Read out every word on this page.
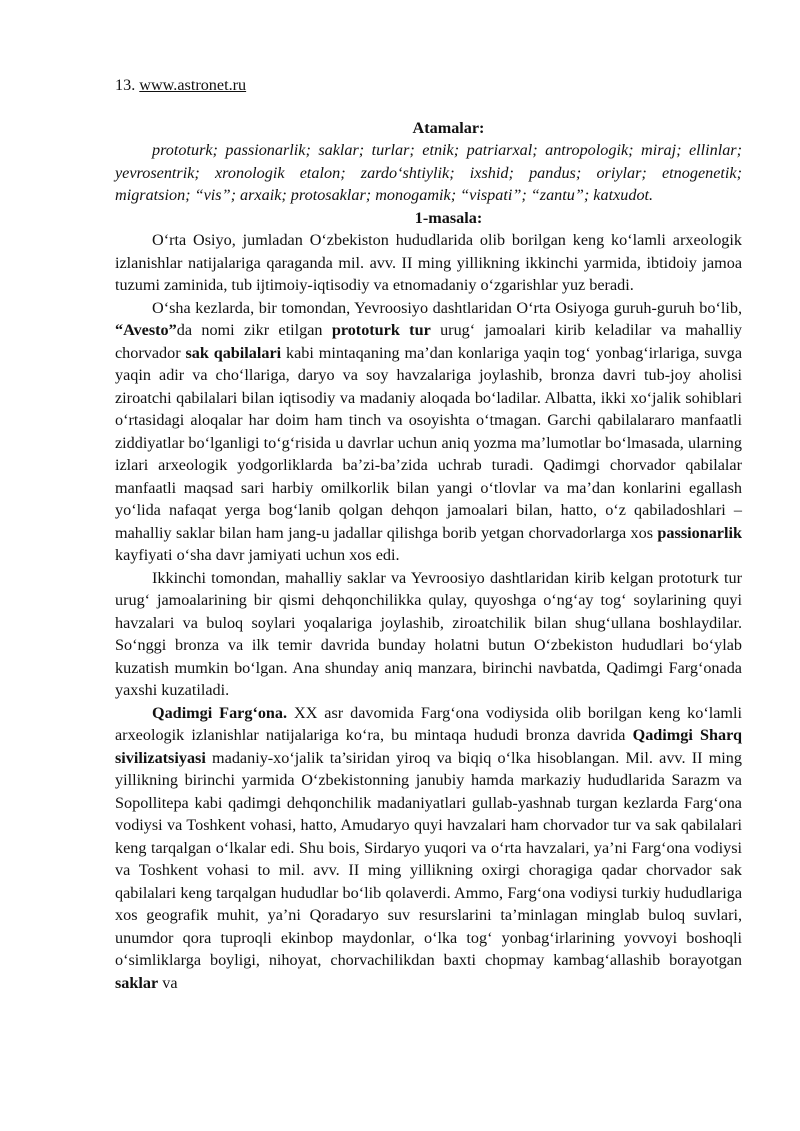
13. www.astronet.ru
Atamalar:
prototurk; passionarlik; saklar; turlar; etnik; patriarxal; antropologik; miraj; ellinlar; yevrosentrik; xronologik etalon; zardo‘shtiylik; ixshid; pandus; oriylar; etnogenetik; migratsion; “vis”; arxaik; protosaklar; monogamik; “vispati”; “zantu”; katxudot.
1-masala:

O‘rta Osiyo, jumladan O‘zbekiston hududlarida olib borilgan keng ko‘lamli arxeologik izlanishlar natijalariga qaraganda mil. avv. II ming yillikning ikkinchi yarmida, ibtidoiy jamoa tuzumi zaminida, tub ijtimoiy-iqtisodiy va etnomadaniy o‘zgarishlar yuz beradi.

O‘sha kezlarda, bir tomondan, Yevroosiyo dashtlaridan O‘rta Osiyoga guruh-guruh bo‘lib, “Avesto”da nomi zikr etilgan prototurk tur urug‘ jamoalari kirib keladilar va mahalliy chorvador sak qabilalari kabi mintaqaning ma’dan konlariga yaqin tog‘ yonbag‘irlariga, suvga yaqin adir va cho‘llariga, daryo va soy havzalariga joylashib, bronza davri tub-joy aholisi ziroatchi qabilalari bilan iqtisodiy va madaniy aloqada bo‘ladilar. Albatta, ikki xo‘jalik sohiblari o‘rtasidagi aloqalar har doim ham tinch va osoyishta o‘tmagan. Garchi qabilalararo manfaatli ziddiyatlar bo‘lganligi to‘g‘risida u davrlar uchun aniq yozma ma’lumotlar bo‘lmasada, ularning izlari arxeologik yodgorliklarda ba’zi-ba’zida uchrab turadi. Qadimgi chorvador qabilalar manfaatli maqsad sari harbiy omilkorlik bilan yangi o‘tlovlar va ma’dan konlarini egallash yo‘lida nafaqat yerga bog‘lanib qolgan dehqon jamoalari bilan, hatto, o‘z qabiladoshlari – mahalliy saklar bilan ham jang-u jadallar qilishga borib yetgan chorvadorlarga xos passionarlik kayfiyati o‘sha davr jamiyati uchun xos edi.

Ikkinchi tomondan, mahalliy saklar va Yevroosiyo dashtlaridan kirib kelgan prototurk tur urug‘ jamoalarining bir qismi dehqonchilikka qulay, quyoshga o‘ng‘ay tog‘ soylarining quyi havzalari va buloq soylari yoqalariga joylashib, ziroatchilik bilan shug‘ullana boshlaydilar. So‘nggi bronza va ilk temir davrida bunday holatni butun O‘zbekiston hududlari bo‘ylab kuzatish mumkin bo‘lgan. Ana shunday aniq manzara, birinchi navbatda, Qadimgi Farg‘onada yaxshi kuzatiladi.

Qadimgi Farg‘ona. XX asr davomida Farg‘ona vodiysida olib borilgan keng ko‘lamli arxeologik izlanishlar natijalariga ko‘ra, bu mintaqa hududi bronza davrida Qadimgi Sharq sivilizatsiyasi madaniy-xo‘jalik ta’siridan yiroq va biqiq o‘lka hisoblangan. Mil. avv. II ming yillikning birinchi yarmida O‘zbekistonning janubiy hamda markaziy hududlarida Sarazm va Sopollitepa kabi qadimgi dehqonchilik madaniyatlari gullab-yashnab turgan kezlarda Farg‘ona vodiysi va Toshkent vohasi, hatto, Amudaryo quyi havzalari ham chorvador tur va sak qabilalari keng tarqalgan o‘lkalar edi. Shu bois, Sirdaryo yuqori va o‘rta havzalari, ya’ni Farg‘ona vodiysi va Toshkent vohasi to mil. avv. II ming yillikning oxirgi choragiga qadar chorvador sak qabilalari keng tarqalgan hududlar bo‘lib qolaverdi. Ammo, Farg‘ona vodiysi turkiy hududlariga xos geografik muhit, ya’ni Qoradaryo suv resurslarini ta’minlagan minglab buloq suvlari, unumdor qora tuproqli ekinbop maydonlar, o‘lka tog‘ yonbag‘irlarining yovvoyi boshoqli o‘simliklarga boyligi, nihoyat, chorvachilikdan baxti chopmay kambag‘allashib borayotgan saklar va
